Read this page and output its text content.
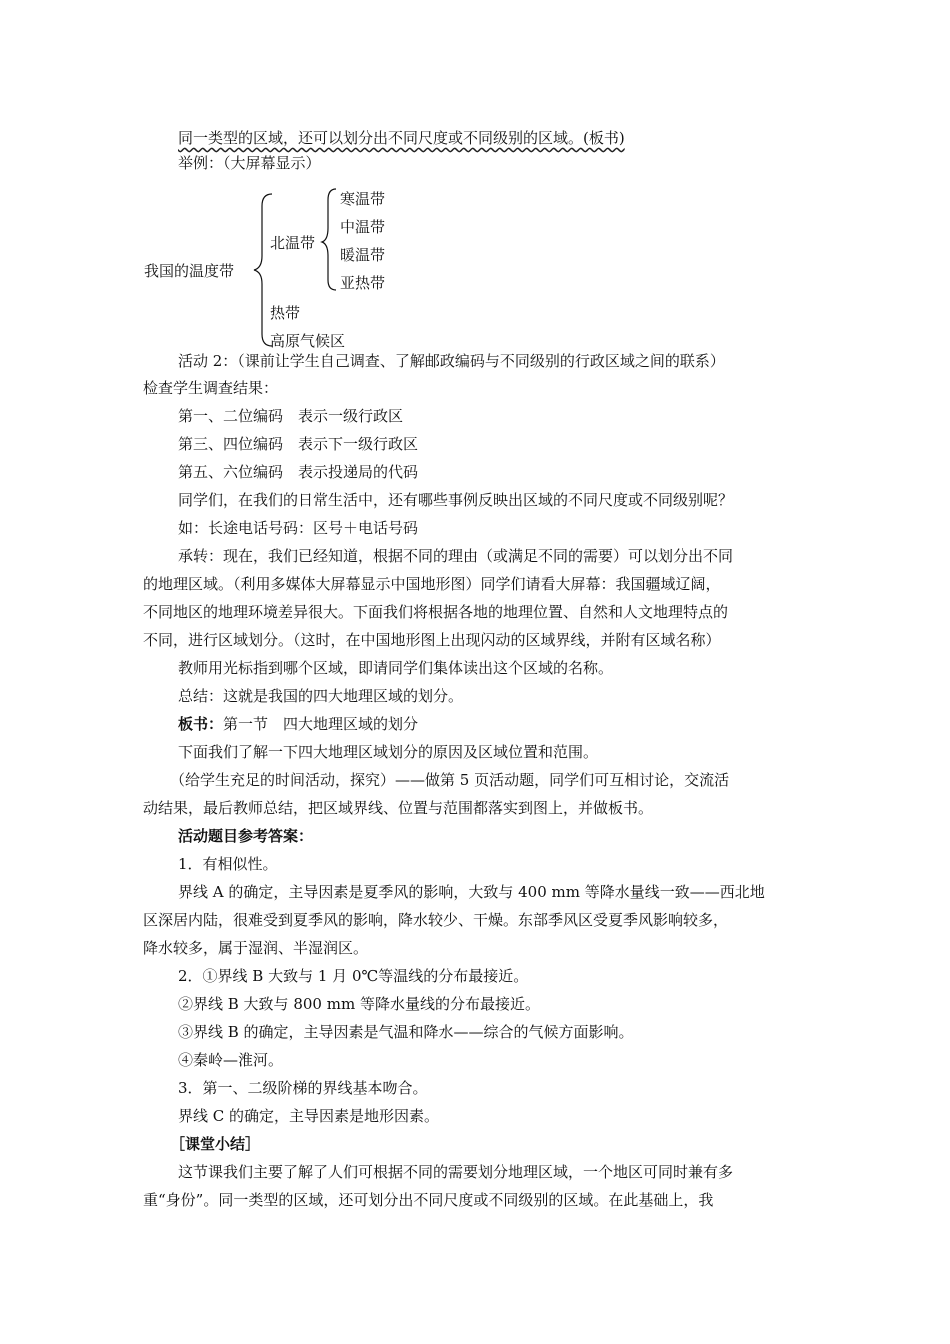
同一类型的区域，还可以划分出不同尺度或不同级别的区域。(板书)
举例：（大屏幕显示）
我国的温度带
北温带
寒温带
中温带
暖温带
亚热带
热带
高原气候区
活动 2：（课前让学生自己调查、了解邮政编码与不同级别的行政区域之间的联系）
检查学生调查结果：
第一、二位编码　表示一级行政区
第三、四位编码　表示下一级行政区
第五、六位编码　表示投递局的代码
同学们，在我们的日常生活中，还有哪些事例反映出区域的不同尺度或不同级别呢？
如：长途电话号码：区号＋电话号码
承转：现在，我们已经知道，根据不同的理由（或满足不同的需要）可以划分出不同
的地理区域。（利用多媒体大屏幕显示中国地形图）同学们请看大屏幕：我国疆域辽阔，
不同地区的地理环境差异很大。下面我们将根据各地的地理位置、自然和人文地理特点的
不同，进行区域划分。（这时，在中国地形图上出现闪动的区域界线，并附有区域名称）
教师用光标指到哪个区域，即请同学们集体读出这个区域的名称。
总结：这就是我国的四大地理区域的划分。
板书：第一节　四大地理区域的划分
下面我们了解一下四大地理区域划分的原因及区域位置和范围。
（给学生充足的时间活动，探究）——做第 5 页活动题，同学们可互相讨论，交流活
动结果，最后教师总结，把区域界线、位置与范围都落实到图上，并做板书。
活动题目参考答案：
1．有相似性。
界线 A 的确定，主导因素是夏季风的影响，大致与 400 mm 等降水量线一致——西北地
区深居内陆，很难受到夏季风的影响，降水较少、干燥。东部季风区受夏季风影响较多，
降水较多，属于湿润、半湿润区。
2．①界线 B 大致与 1 月 0℃等温线的分布最接近。
②界线 B 大致与 800 mm 等降水量线的分布最接近。
③界线 B 的确定，主导因素是气温和降水——综合的气候方面影响。
④秦岭—淮河。
3．第一、二级阶梯的界线基本吻合。
界线 C 的确定，主导因素是地形因素。
［课堂小结］
这节课我们主要了解了人们可根据不同的需要划分地理区域，一个地区可同时兼有多
重“身份”。同一类型的区域，还可划分出不同尺度或不同级别的区域。在此基础上，我
